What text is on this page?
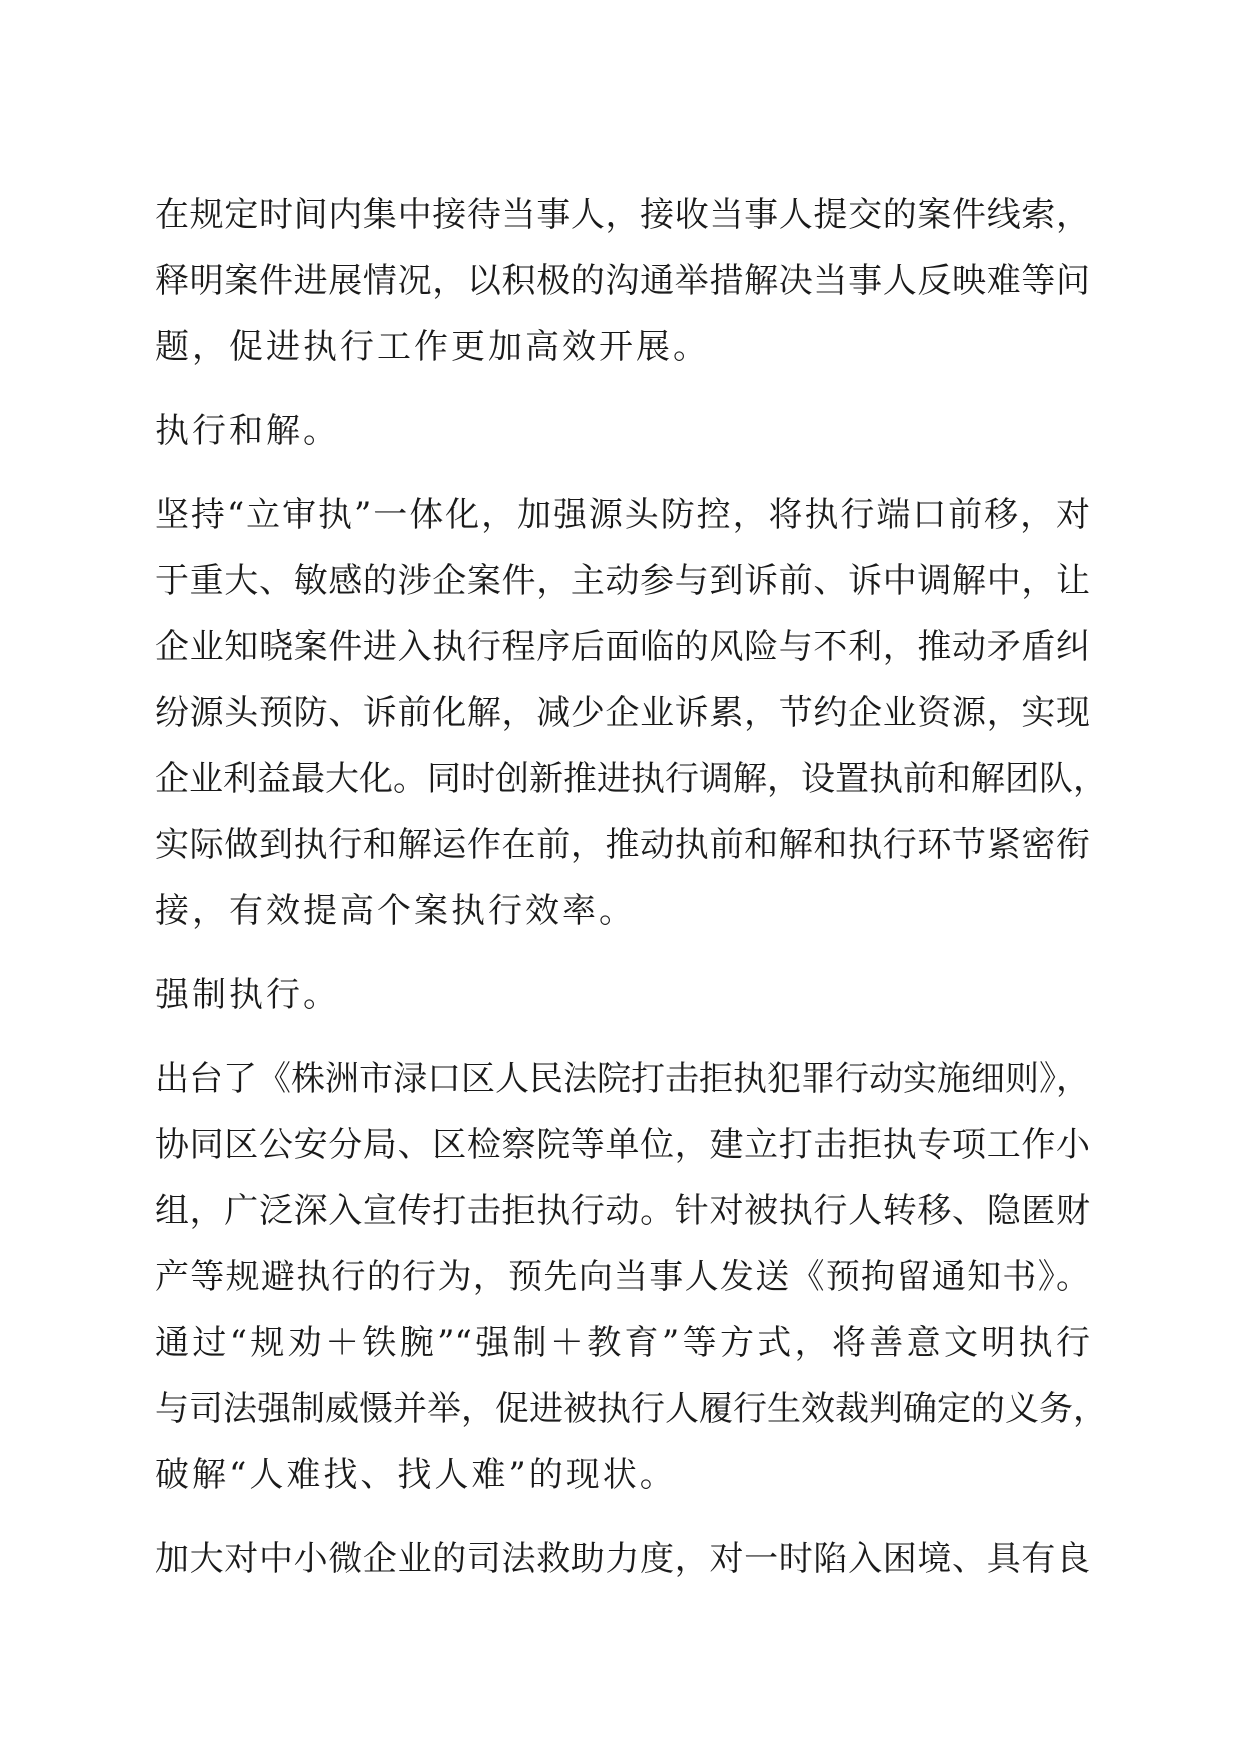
在规定时间内集中接待当事人，接收当事人提交的案件线索，
释明案件进展情况，以积极的沟通举措解决当事人反映难等问
题，促进执行工作更加高效开展。
执行和解。
坚持“立审执”一体化，加强源头防控，将执行端口前移，对
于重大、敏感的涉企案件，主动参与到诉前、诉中调解中，让
企业知晓案件进入执行程序后面临的风险与不利，推动矛盾纠
纷源头预防、诉前化解，减少企业诉累，节约企业资源，实现
企业利益最大化。同时创新推进执行调解，设置执前和解团队，
实际做到执行和解运作在前，推动执前和解和执行环节紧密衔
接，有效提高个案执行效率。
强制执行。
出台了《株洲市渌口区人民法院打击拒执犯罪行动实施细则》，
协同区公安分局、区检察院等单位，建立打击拒执专项工作小
组，广泛深入宣传打击拒执行动。针对被执行人转移、隐匿财
产等规避执行的行为，预先向当事人发送《预拘留通知书》。
通过“规劝＋铁腕”“强制＋教育”等方式，将善意文明执行
与司法强制威慑并举，促进被执行人履行生效裁判确定的义务，
破解“人难找、找人难”的现状。
加大对中小微企业的司法救助力度，对一时陷入困境、具有良
